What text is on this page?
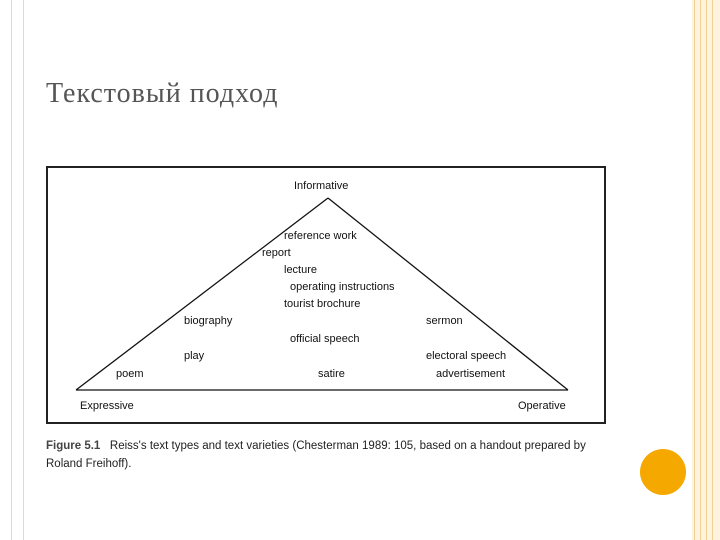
Текстовый подход
Informative
Expressive	Operative
reference work
report
lecture
operating instructions
tourist brochure
biography	sermon
official speech
play	electoral speech
poem	satire	advertisement
Figure 5.1 Reiss's text types and text varieties (Chesterman 1989: 105, based on a handout prepared by Roland Freihoff).
